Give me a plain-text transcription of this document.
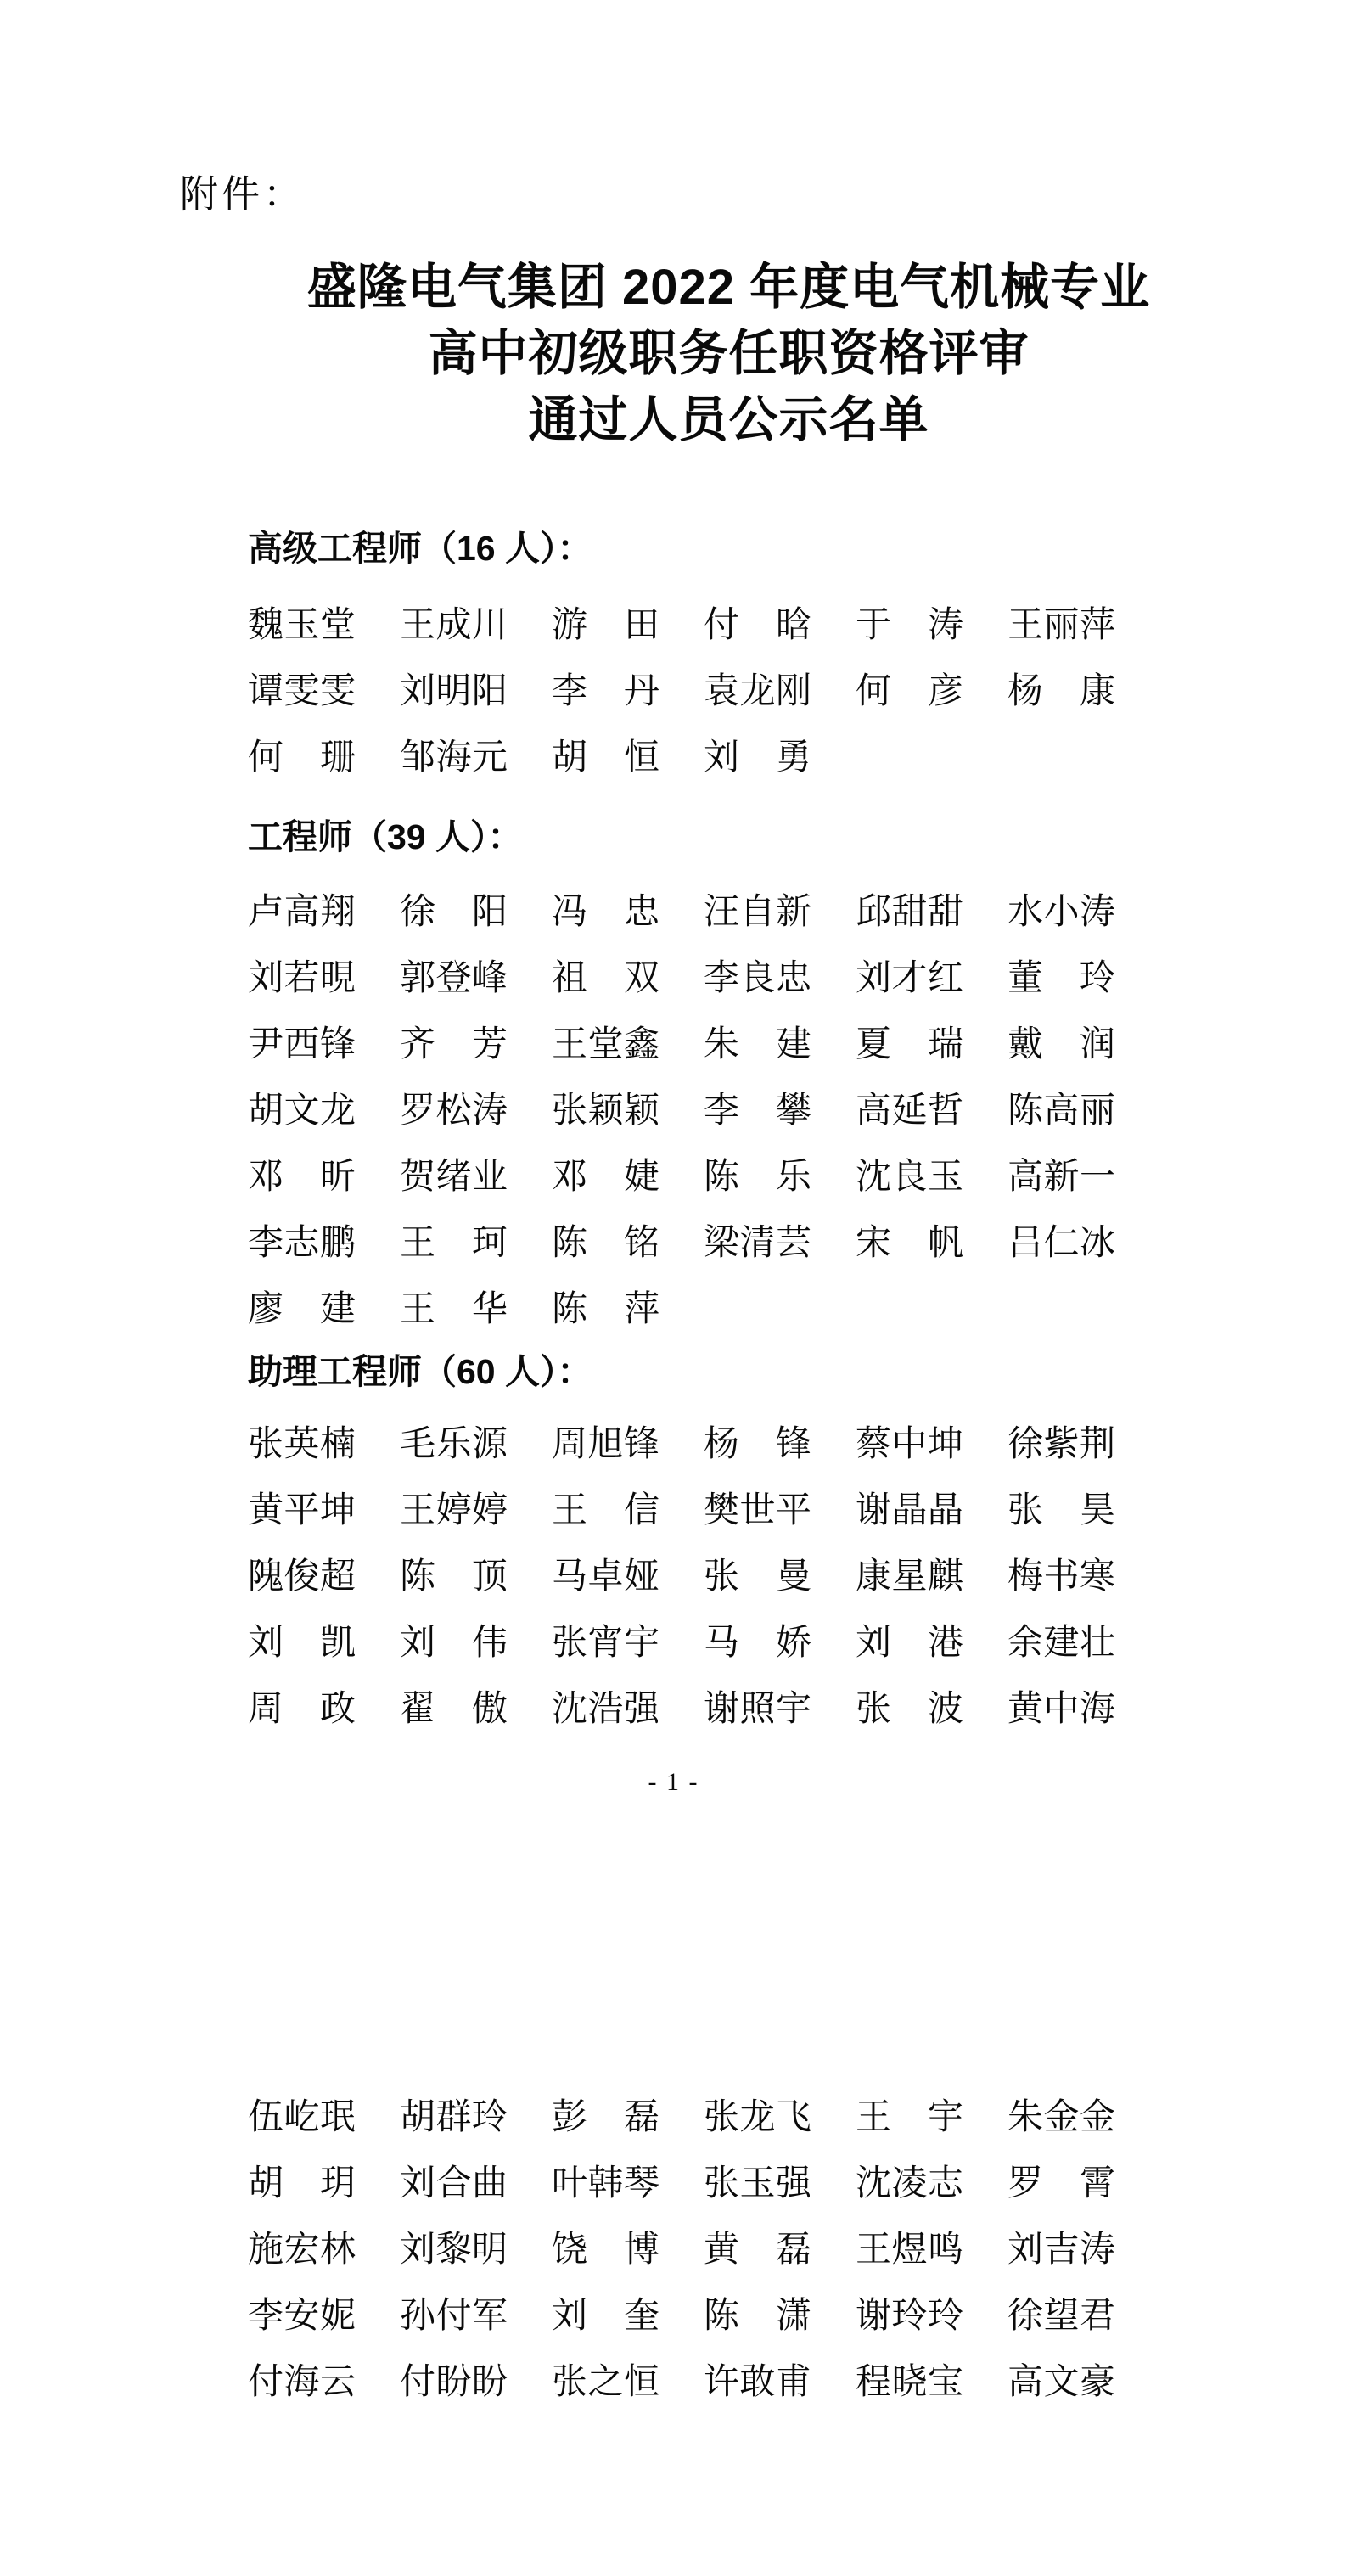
附件：
盛隆电气集团 2022 年度电气机械专业
高中初级职务任职资格评审
通过人员公示名单
高级工程师（16 人）：
魏 玉 堂 王 成 川 游 田 付 晗 于 涛 王 丽 萍
谭 雯 雯 刘 明 阳 李 丹 袁 龙 刚 何 彦 杨 康
何 珊 邹 海 元 胡 恒 刘 勇
工程师（39 人）：
卢 高 翔 徐 阳 冯 忠 汪 自 新 邱 甜 甜 水 小 涛
刘 若 晛 郭 登 峰 祖 双 李 良 忠 刘 才 红 董 玲
尹 西 锋 齐 芳 王 堂 鑫 朱 建 夏 瑞 戴 润
胡 文 龙 罗 松 涛 张 颖 颖 李 攀 高 延 哲 陈 高 丽
邓 昕 贺 绪 业 邓 婕 陈 乐 沈 良 玉 高 新 一
李 志 鹏 王 珂 陈 铭 梁 清 芸 宋 帆 吕 仁 冰
廖 建 王 华 陈 萍
助理工程师（60 人）：
张 英 楠 毛 乐 源 周 旭 锋 杨 锋 蔡 中 坤 徐 紫 荆
黄 平 坤 王 婷 婷 王 信 樊 世 平 谢 晶 晶 张 昊
隗 俊 超 陈 顶 马 卓 娅 张 曼 康 星 麒 梅 书 寒
刘 凯 刘 伟 张 宵 宇 马 娇 刘 港 余 建 壮
周 政 翟 傲 沈 浩 强 谢 照 宇 张 波 黄 中 海
- 1 -
伍 屹 珉 胡 群 玲 彭 磊 张 龙 飞 王 宇 朱 金 金
胡 玥 刘 合 曲 叶 韩 琴 张 玉 强 沈 凌 志 罗 霄
施 宏 林 刘 黎 明 饶 博 黄 磊 王 煜 鸣 刘 吉 涛
李 安 妮 孙 付 军 刘 奎 陈 潇 谢 玲 玲 徐 望 君
付 海 云 付 盼 盼 张 之 恒 许 敢 甫 程 晓 宝 高 文 豪
